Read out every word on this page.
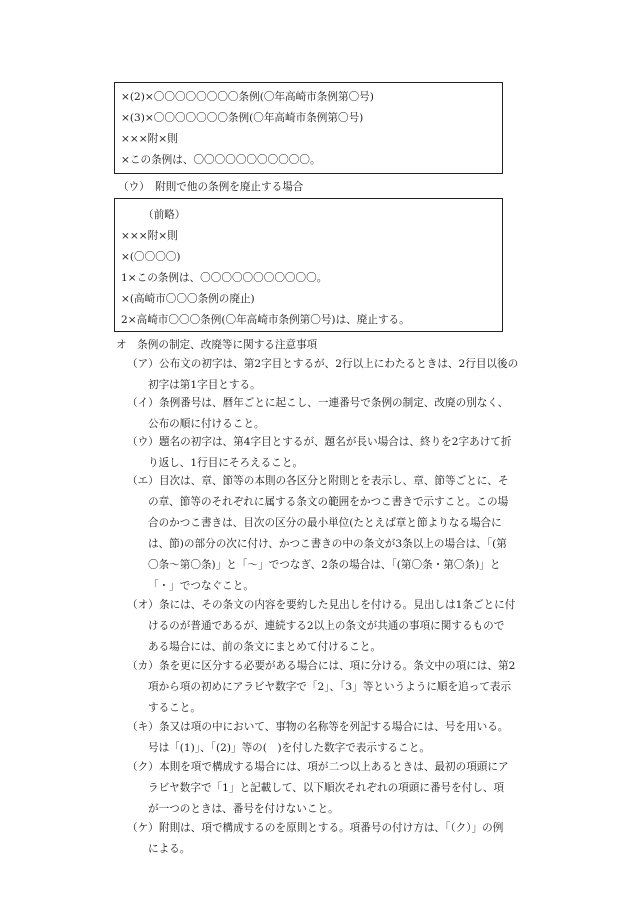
×(2)×〇〇〇〇〇〇〇〇条例(〇年高崎市条例第〇号)
×(3)×〇〇〇〇〇〇〇条例(〇年高崎市条例第〇号)
×××附×則
×この条例は、〇〇〇〇〇〇〇〇〇〇〇。
（ウ）　附則で他の条例を廃止する場合
（前略）
×××附×則
×(〇〇〇〇)
1×この条例は、〇〇〇〇〇〇〇〇〇〇〇。
×(高崎市〇〇〇条例の廃止)
2×高崎市〇〇〇条例(〇年高崎市条例第〇号)は、廃止する。
オ　条例の制定、改廃等に関する注意事項
（ア） 公布文の初字は、第2字目とするが、2行以上にわたるときは、2行目以後の
初字は第1字目とする。
（イ） 条例番号は、暦年ごとに起こし、一連番号で条例の制定、改廃の別なく、
公布の順に付けること。
（ウ） 題名の初字は、第4字目とするが、題名が長い場合は、終りを2字あけて折
り返し、1行目にそろえること。
（エ） 目次は、章、節等の本則の各区分と附則とを表示し、章、節等ごとに、そ
の章、節等のそれぞれに属する条文の範囲をかつこ書きで示すこと。この場
合のかつこ書きは、目次の区分の最小単位(たとえば章と節よりなる場合に
は、節)の部分の次に付け、かつこ書きの中の条文が3条以上の場合は、「(第
〇条～第〇条)」と「～」でつなぎ、2条の場合は、「(第〇条・第〇条)」と
「・」でつなぐこと。
（オ） 条には、その条文の内容を要約した見出しを付ける。見出しは1条ごとに付
けるのが普通であるが、連続する2以上の条文が共通の事項に関するもので
ある場合には、前の条文にまとめて付けること。
（カ） 条を更に区分する必要がある場合には、項に分ける。条文中の項には、第2
項から項の初めにアラビヤ数字で「2」、「3」等というように順を追って表示
すること。
（キ） 条又は項の中において、事物の名称等を列記する場合には、号を用いる。
号は「(1)」、「(2)」等の(　)を付した数字で表示すること。
（ク） 本則を項で構成する場合には、項が二つ以上あるときは、最初の項頭にア
ラビヤ数字で「1」と記載して、以下順次それぞれの項頭に番号を付し、項
が一つのときは、番号を付けないこと。
（ケ） 附則は、項で構成するのを原則とする。項番号の付け方は、「（ク）」の例
による。
